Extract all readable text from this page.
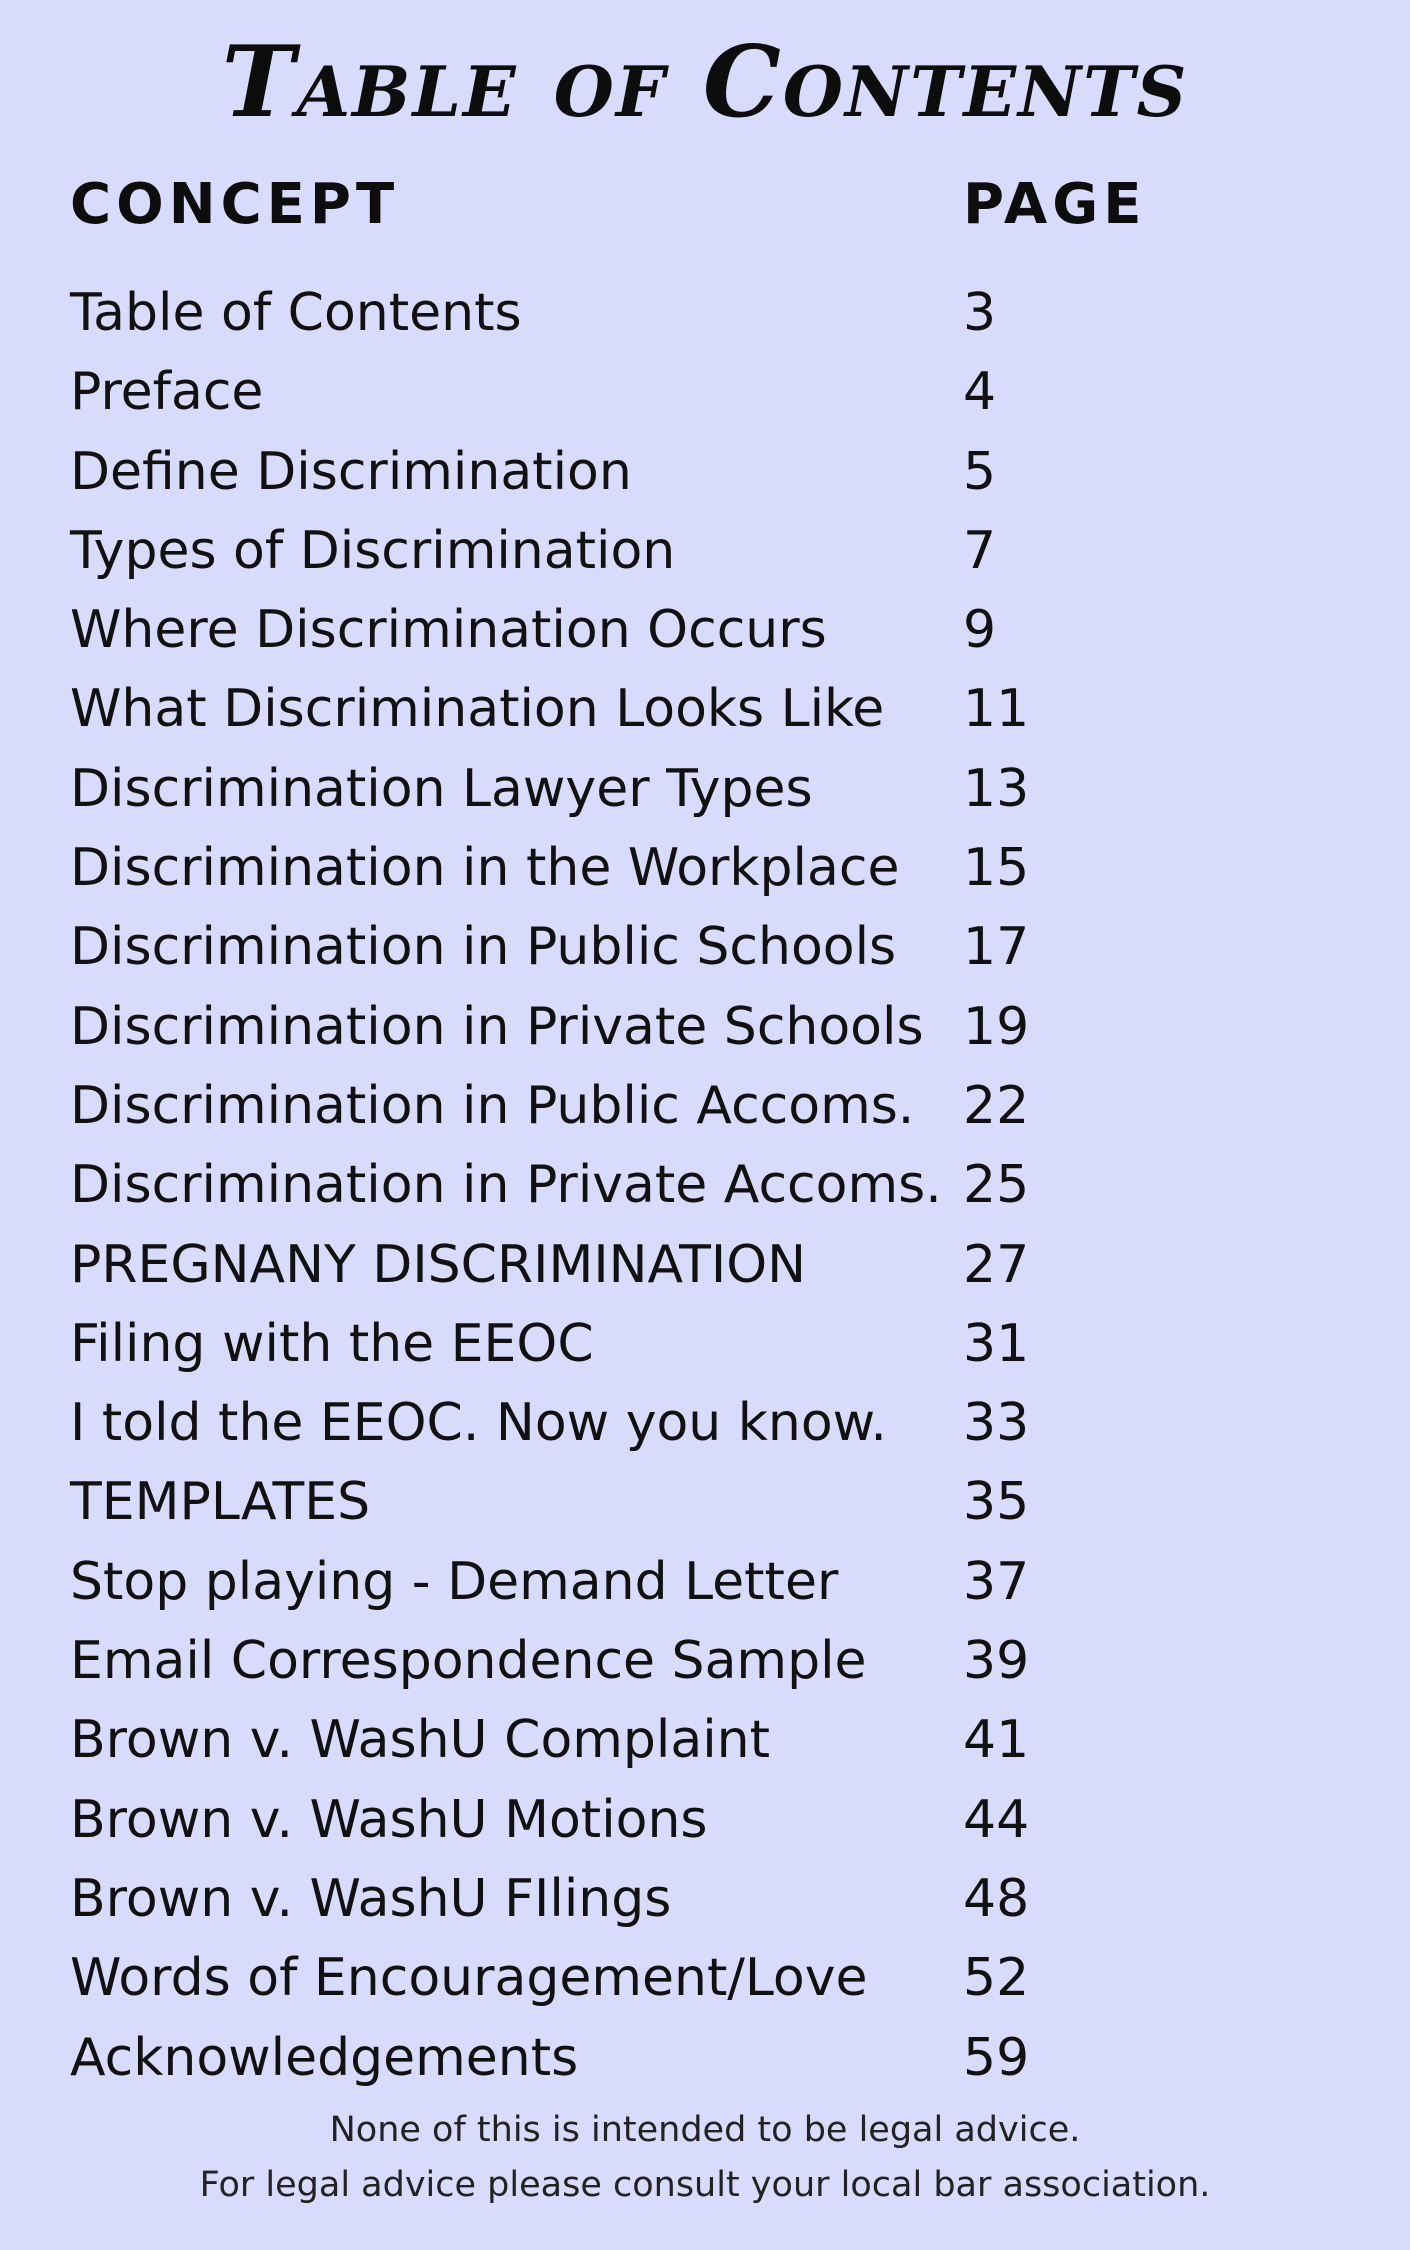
Table of Contents
CONCEPT	PAGE
Table of Contents	3
Preface	4
Define Discrimination	5
Types of Discrimination	7
Where Discrimination Occurs	9
What Discrimination Looks Like 11
Discrimination Lawyer Types	13
Discrimination in the Workplace 15
Discrimination in Public Schools 17
Discrimination in Private Schools 19
Discrimination in Public Accoms. 22
Discrimination in Private Accoms. 25
PREGNANY DISCRIMINATION	27
Filing with the EEOC	31
I told the EEOC. Now you know. 33
TEMPLATES	35
Stop playing - Demand Letter 37
Email Correspondence Sample 39
Brown v. WashU Complaint	41
Brown v. WashU Motions	44
Brown v. WashU FIlings	48
Words of Encouragement/Love 52
Acknowledgements	59
None of this is intended to be legal advice.
For legal advice please consult your local bar association.
